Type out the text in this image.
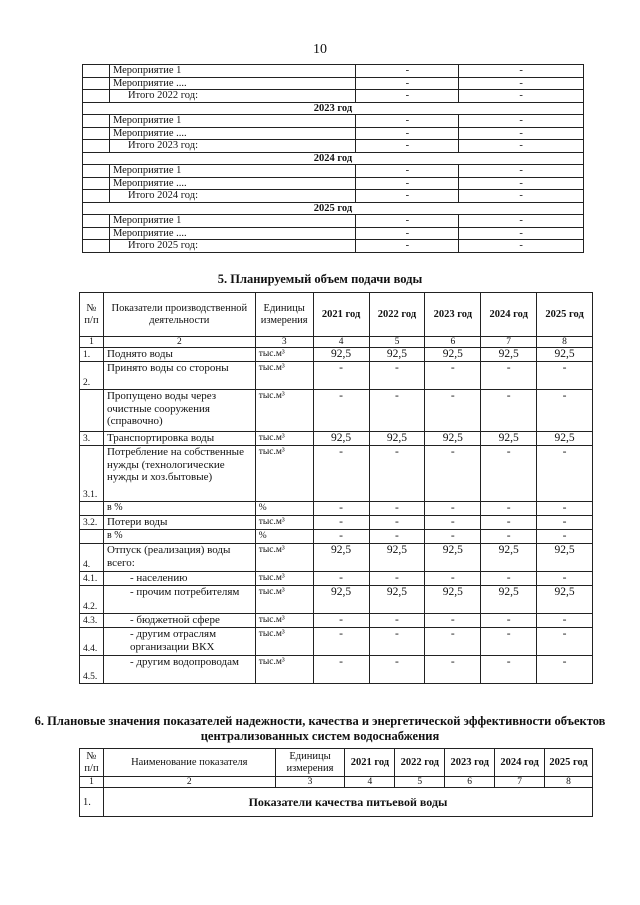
10
	Мероприятие 1	-	-
	Мероприятие ....	-	-
	Итого 2022 год:	-	-
2023 год			
	Мероприятие 1	-	-
	Мероприятие ....	-	-
	Итого 2023 год:	-	-
2024 год			
	Мероприятие 1	-	-
	Мероприятие ....	-	-
	Итого 2024 год:	-	-
2025 год			
	Мероприятие 1	-	-
	Мероприятие ....	-	-
	Итого 2025 год:	-	-
5. Планируемый объем подачи воды
№ п/п	Показатели производственной деятельности	Единицы измерения	2021 год	2022 год	2023 год	2024 год	2025 год
1	2	3	4	5	6	7	8
1.	Поднято воды	тыс.м³	92,5	92,5	92,5	92,5	92,5
2.	Принято воды со стороны	тыс.м³	-	-	-	-	-
	Пропущено воды через очистные сооружения (справочно)	тыс.м³	-	-	-	-	-
3.	Транспортировка воды	тыс.м³	92,5	92,5	92,5	92,5	92,5
3.1.	Потребление на собственные нужды (технологические нужды и хоз.бытовые)	тыс.м³	-	-	-	-	-
	в %	%	-	-	-	-	-
3.2.	Потери воды	тыс.м³	-	-	-	-	-
	в %	%	-	-	-	-	-
4.	Отпуск (реализация) воды всего:	тыс.м³	92,5	92,5	92,5	92,5	92,5
4.1.	- населению	тыс.м³	-	-	-	-	-
4.2.	- прочим потребителям	тыс.м³	92,5	92,5	92,5	92,5	92,5
4.3.	- бюджетной сфере	тыс.м³	-	-	-	-	-
4.4.	- другим отраслям организации ВКХ	тыс.м³	-	-	-	-	-
4.5.	- другим водопроводам	тыс.м³	-	-	-	-	-
6. Плановые значения показателей надежности, качества и энергетической эффективности объектов централизованных систем водоснабжения
№ п/п	Наименование показателя	Единицы измерения	2021 год	2022 год	2023 год	2024 год	2025 год
1	2	3	4	5	6	7	8
1.	Показатели качества питьевой воды						
